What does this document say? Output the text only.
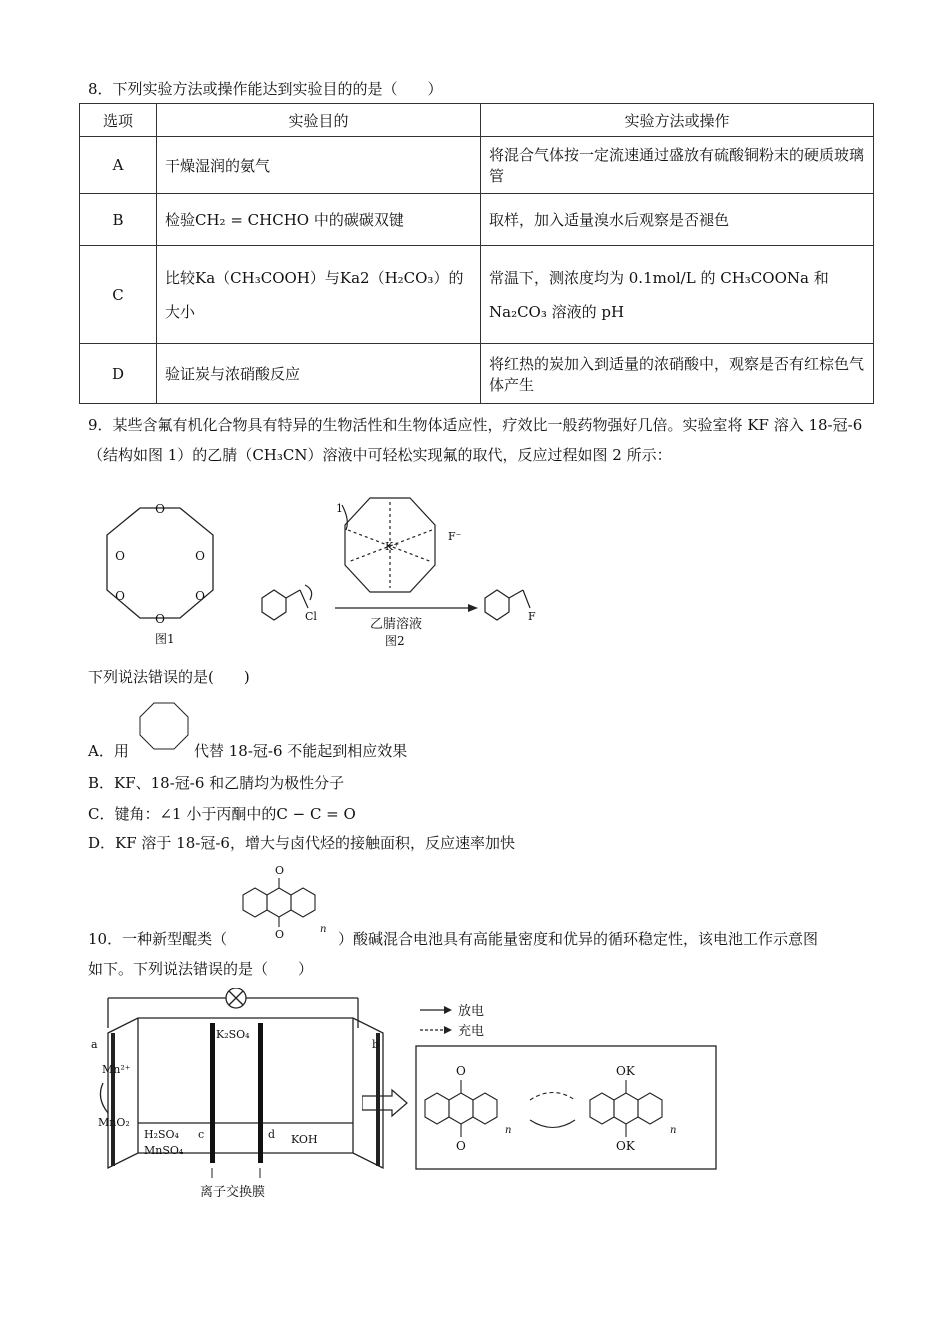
8．下列实验方法或操作能达到实验目的的是（　　）
选项	实验目的	实验方法或操作
A	干燥湿润的氨气	将混合气体按一定流速通过盛放有硫酸铜粉末的硬质玻璃管
B	检验CH₂ = CHCHO 中的碳碳双键	取样，加入适量溴水后观察是否褪色
C	比较Ka（CH₃COOH）与Ka2（H₂CO₃）的大小	常温下，测浓度均为 0.1mol/L 的 CH₃COONa 和 Na₂CO₃ 溶液的 pH
D	验证炭与浓硝酸反应	将红热的炭加入到适量的浓硝酸中，观察是否有红棕色气体产生
9．某些含氟有机化合物具有特异的生物活性和生物体适应性，疗效比一般药物强好几倍。实验室将 KF 溶入 18-冠-6（结构如图 1）的乙腈（CH₃CN）溶液中可轻松实现氟的取代，反应过程如图 2 所示：
O
O
O	O
O	O
图1
Cl
1
K⁺
F⁻
乙腈溶液
图2
F
下列说法错误的是(　　)
A．用	代替 18-冠-6 不能起到相应效果
B．KF、18-冠-6 和乙腈均为极性分子
C．键角：∠1 小于丙酮中的C − C = O
D．KF 溶于 18-冠-6，增大与卤代烃的接触面积，反应速率加快
10．一种新型醌类（
O
O	n
）酸碱混合电池具有高能量密度和优异的循环稳定性，该电池工作示意图
如下。下列说法错误的是（　　）
a	b
Mn²⁺
MnO₂
K₂SO₄
H₂SO₄
MnSO₄
c	d KOH
离子交换膜
放电
充电
O
O
OK
OK
n	n
